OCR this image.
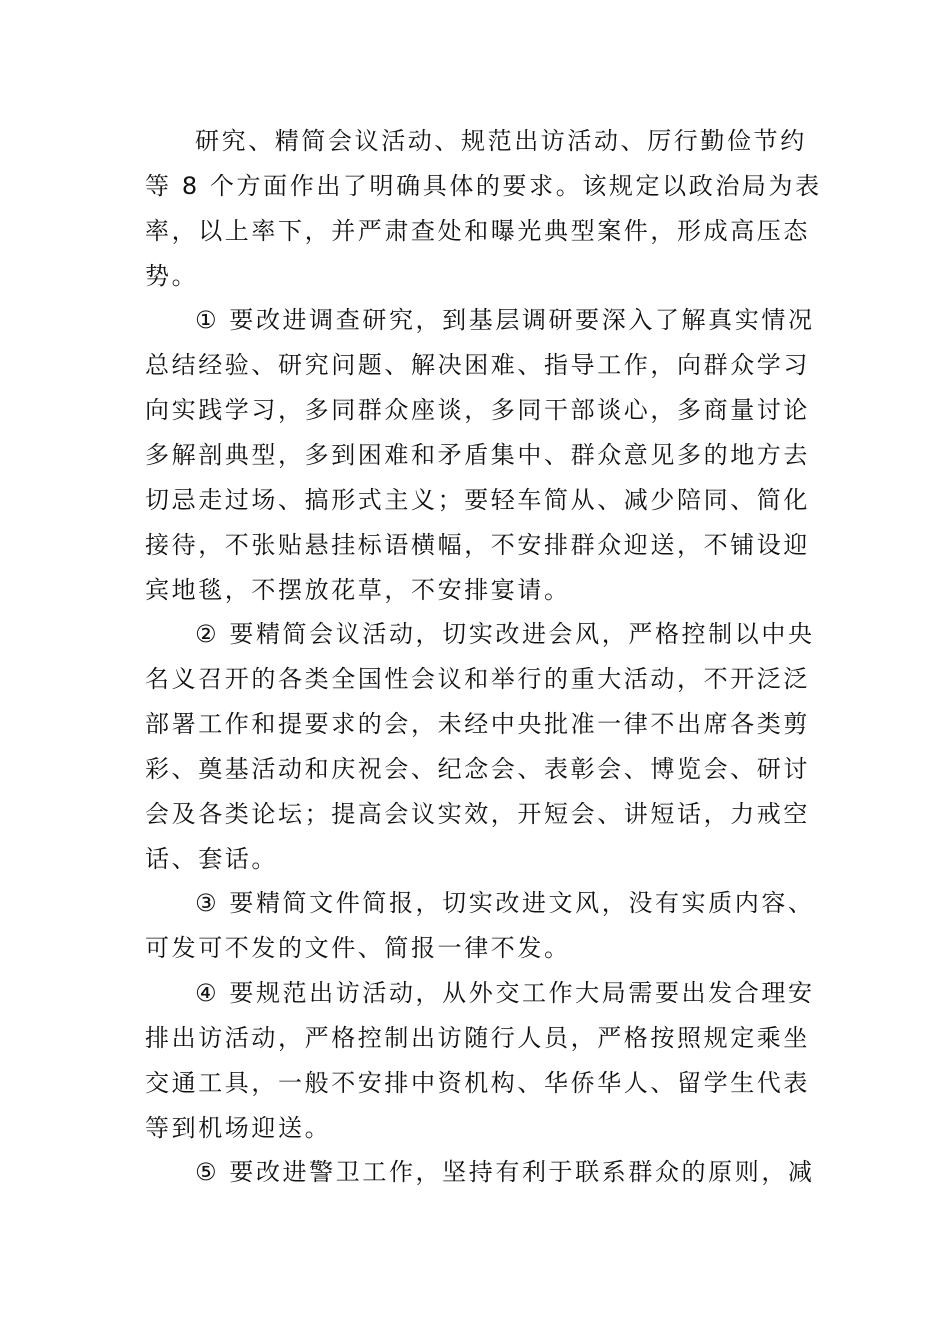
研究、精简会议活动、规范出访活动、厉行勤俭节约
等 8 个方面作出了明确具体的要求。该规定以政治局为表
率，以上率下，并严肃查处和曝光典型案件，形成高压态
势。
① 要改进调查研究，到基层调研要深入了解真实情况
总结经验、研究问题、解决困难、指导工作，向群众学习
向实践学习，多同群众座谈，多同干部谈心，多商量讨论
多解剖典型，多到困难和矛盾集中、群众意见多的地方去
切忌走过场、搞形式主义；要轻车简从、减少陪同、简化
接待，不张贴悬挂标语横幅，不安排群众迎送，不铺设迎
宾地毯，不摆放花草，不安排宴请。
② 要精简会议活动，切实改进会风，严格控制以中央
名义召开的各类全国性会议和举行的重大活动，不开泛泛
部署工作和提要求的会，未经中央批准一律不出席各类剪
彩、奠基活动和庆祝会、纪念会、表彰会、博览会、研讨
会及各类论坛；提高会议实效，开短会、讲短话，力戒空
话、套话。
③ 要精简文件简报，切实改进文风，没有实质内容、
可发可不发的文件、简报一律不发。
④ 要规范出访活动，从外交工作大局需要出发合理安
排出访活动，严格控制出访随行人员，严格按照规定乘坐
交通工具，一般不安排中资机构、华侨华人、留学生代表
等到机场迎送。
⑤ 要改进警卫工作，坚持有利于联系群众的原则，减
